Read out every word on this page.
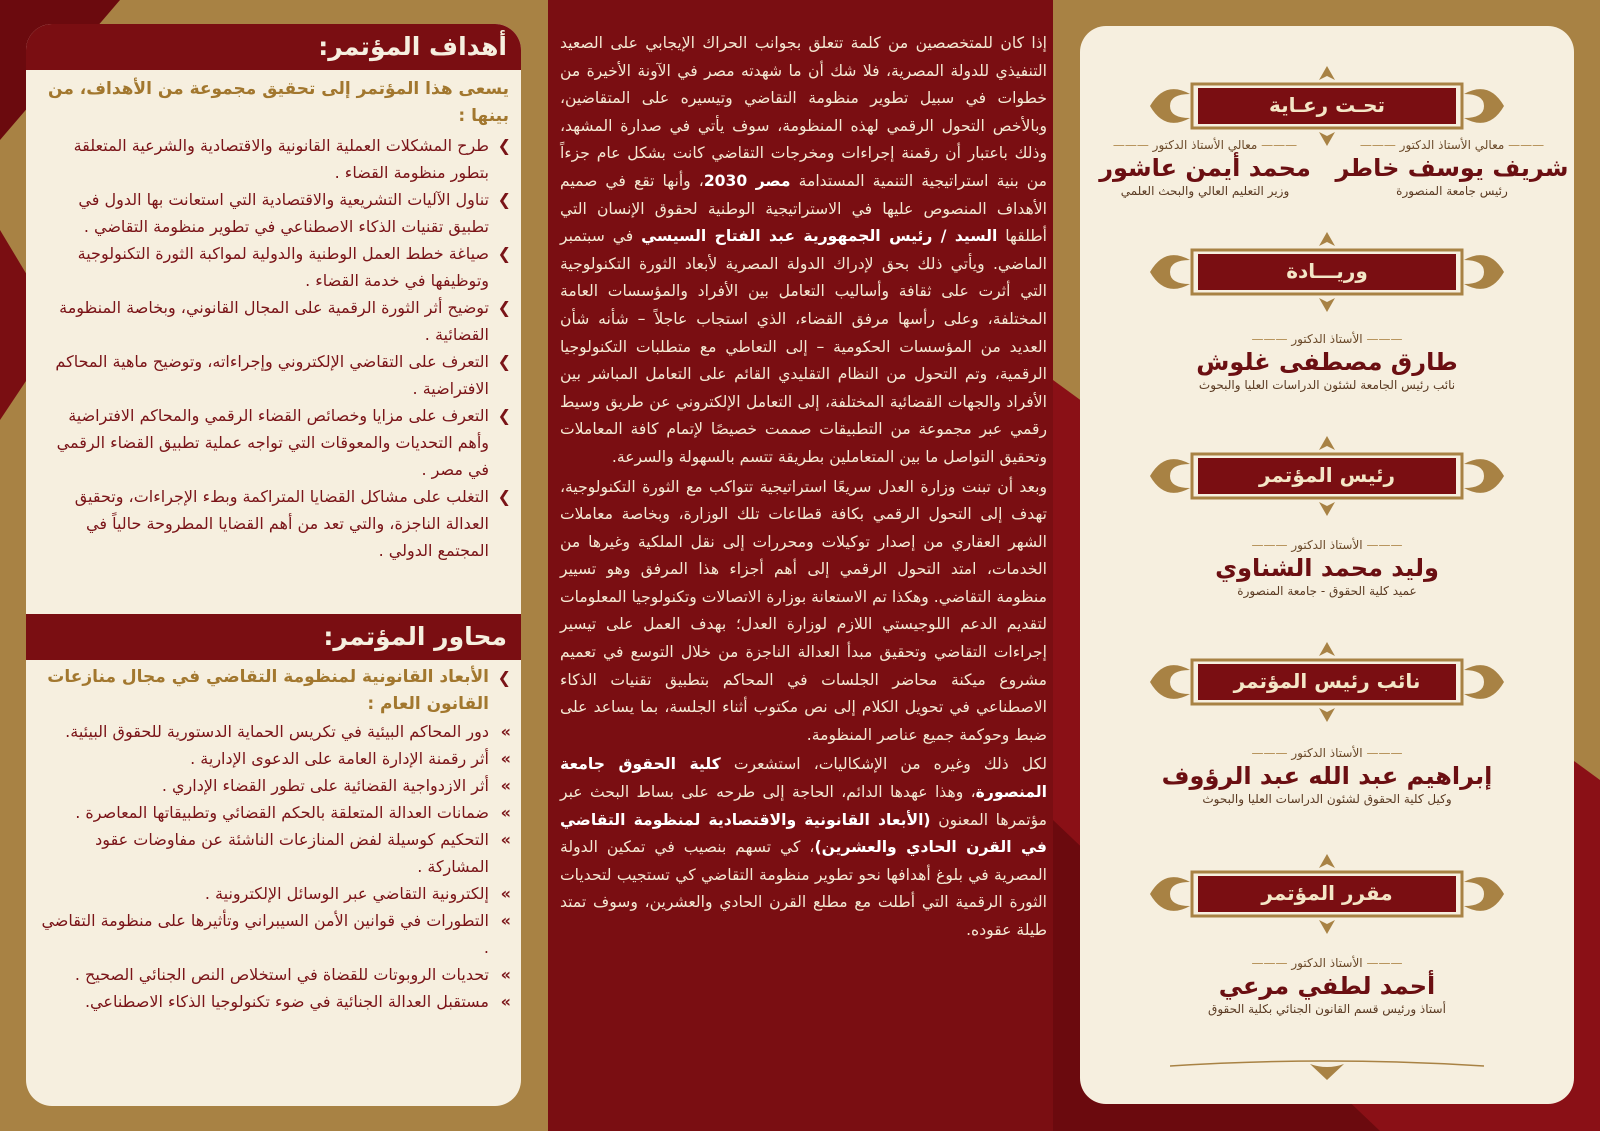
تحـت رعـاية
——— معالي الأستاذ الدكتور ———
شريف يوسف خاطر
رئيس جامعة المنصورة
——— معالي الأستاذ الدكتور ———
محمد أيمن عاشور
وزير التعليم العالي والبحث العلمي
وريـــادة
——— الأستاذ الدكتور ———
طارق مصطفى غلوش
نائب رئيس الجامعة لشئون الدراسات العليا والبحوث
رئيس المؤتمر
——— الأستاذ الدكتور ———
وليد محمد الشناوي
عميد كلية الحقوق - جامعة المنصورة
نائب رئيس المؤتمر
——— الأستاذ الدكتور ———
إبراهيم عبد الله عبد الرؤوف
وكيل كلية الحقوق لشئون الدراسات العليا والبحوث
مقرر المؤتمر
——— الأستاذ الدكتور ———
أحمد لطفي مرعي
أستاذ ورئيس قسم القانون الجنائي بكلية الحقوق

إذا كان للمتخصصين من كلمة تتعلق بجوانب الحراك الإيجابي على الصعيد التنفيذي للدولة المصرية، فلا شك أن ما شهدته مصر في الآونة الأخيرة من خطوات في سبيل تطوير منظومة التقاضي وتيسيره على المتقاضين، وبالأخص التحول الرقمي لهذه المنظومة، سوف يأتي في صدارة المشهد، وذلك باعتبار أن رقمنة إجراءات ومخرجات التقاضي كانت بشكل عام جزءاً من بنية استراتيجية التنمية المستدامة مصر 2030، وأنها تقع في صميم الأهداف المنصوص عليها في الاستراتيجية الوطنية لحقوق الإنسان التي أطلقها السيد / رئيس الجمهورية عبد الفتاح السيسي في سبتمبر الماضي. ويأتي ذلك بحق لإدراك الدولة المصرية لأبعاد الثورة التكنولوجية التي أثرت على ثقافة وأساليب التعامل بين الأفراد والمؤسسات العامة المختلفة، وعلى رأسها مرفق القضاء، الذي استجاب عاجلاً – شأنه شأن العديد من المؤسسات الحكومية – إلى التعاطي مع متطلبات التكنولوجيا الرقمية، وتم التحول من النظام التقليدي القائم على التعامل المباشر بين الأفراد والجهات القضائية المختلفة، إلى التعامل الإلكتروني عن طريق وسيط رقمي عبر مجموعة من التطبيقات صممت خصيصًا لإتمام كافة المعاملات وتحقيق التواصل ما بين المتعاملين بطريقة تتسم بالسهولة والسرعة.

وبعد أن تبنت وزارة العدل سريعًا استراتيجية تتواكب مع الثورة التكنولوجية، تهدف إلى التحول الرقمي بكافة قطاعات تلك الوزارة، وبخاصة معاملات الشهر العقاري من إصدار توكيلات ومحررات إلى نقل الملكية وغيرها من الخدمات، امتد التحول الرقمي إلى أهم أجزاء هذا المرفق وهو تسيير منظومة التقاضي. وهكذا تم الاستعانة بوزارة الاتصالات وتكنولوجيا المعلومات لتقديم الدعم اللوجيستي اللازم لوزارة العدل؛ بهدف العمل على تيسير إجراءات التقاضي وتحقيق مبدأ العدالة الناجزة من خلال التوسع في تعميم مشروع ميكنة محاضر الجلسات في المحاكم بتطبيق تقنيات الذكاء الاصطناعي في تحويل الكلام إلى نص مكتوب أثناء الجلسة، بما يساعد على ضبط وحوكمة جميع عناصر المنظومة.

لكل ذلك وغيره من الإشكاليات، استشعرت كلية الحقوق جامعة المنصورة، وهذا عهدها الدائم، الحاجة إلى طرحه على بساط البحث عبر مؤتمرها المعنون (الأبعاد القانونية والاقتصادية لمنظومة التقاضي في القرن الحادي والعشرين)، كي تسهم بنصيب في تمكين الدولة المصرية في بلوغ أهدافها نحو تطوير منظومة التقاضي كي تستجيب لتحديات الثورة الرقمية التي أطلت مع مطلع القرن الحادي والعشرين، وسوف تمتد طيلة عقوده.

أهداف المؤتمر:
يسعى هذا المؤتمر إلى تحقيق مجموعة من الأهداف، من بينها :
❯
طرح المشكلات العملية القانونية والاقتصادية والشرعية المتعلقة بتطور منظومة القضاء .
❯
تناول الآليات التشريعية والاقتصادية التي استعانت بها الدول في تطبيق تقنيات الذكاء الاصطناعي في تطوير منظومة التقاضي .
❯
صياغة خطط العمل الوطنية والدولية لمواكبة الثورة التكنولوجية وتوظيفها في خدمة القضاء .
❯
توضيح أثر الثورة الرقمية على المجال القانوني، وبخاصة المنظومة القضائية .
❯
التعرف على التقاضي الإلكتروني وإجراءاته، وتوضيح ماهية المحاكم الافتراضية .
❯
التعرف على مزايا وخصائص القضاء الرقمي والمحاكم الافتراضية وأهم التحديات والمعوقات التي تواجه عملية تطبيق القضاء الرقمي في مصر .
❯
التغلب على مشاكل القضايا المتراكمة وبطء الإجراءات، وتحقيق العدالة الناجزة، والتي تعد من أهم القضايا المطروحة حالياً في المجتمع الدولي .
محاور المؤتمر:
❯
الأبعاد القانونية لمنظومة التقاضي في مجال منازعات القانون العام :
»
دور المحاكم البيئية في تكريس الحماية الدستورية للحقوق البيئية.
»
أثر رقمنة الإدارة العامة على الدعوى الإدارية .
»
أثر الازدواجية القضائية على تطور القضاء الإداري .
»
ضمانات العدالة المتعلقة بالحكم القضائي وتطبيقاتها المعاصرة .
»
التحكيم كوسيلة لفض المنازعات الناشئة عن مفاوضات عقود المشاركة .
»
إلكترونية التقاضي عبر الوسائل الإلكترونية .
»
التطورات في قوانين الأمن السيبراني وتأثيرها على منظومة التقاضي .
»
تحديات الروبوتات للقضاة في استخلاص النص الجنائي الصحيح .
»
مستقبل العدالة الجنائية في ضوء تكنولوجيا الذكاء الاصطناعي.
